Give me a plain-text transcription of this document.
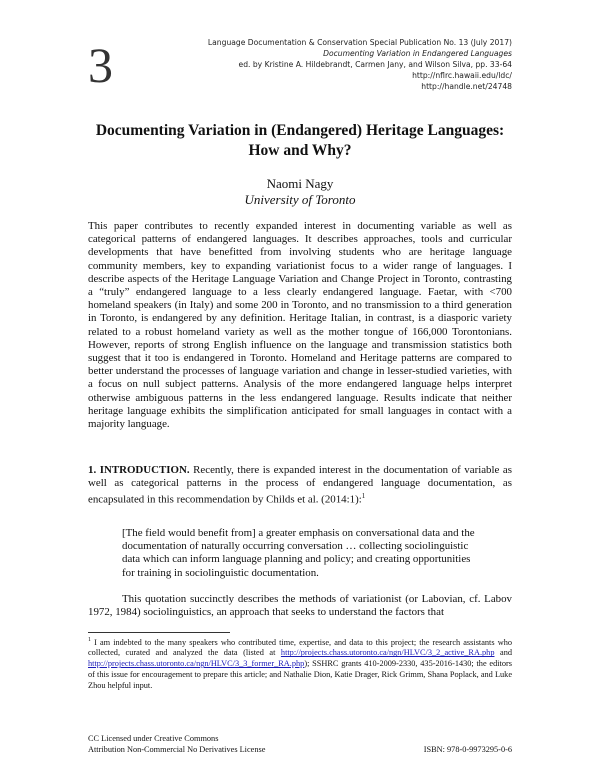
3	Language Documentation & Conservation Special Publication No. 13 (July 2017)
Documenting Variation in Endangered Languages
ed. by Kristine A. Hildebrandt, Carmen Jany, and Wilson Silva, pp. 33-64
http://nflrc.hawaii.edu/ldc/
http://handle.net/24748
Documenting Variation in (Endangered) Heritage Languages:
How and Why?
Naomi Nagy
University of Toronto
This paper contributes to recently expanded interest in documenting variable as well as categorical patterns of endangered languages. It describes approaches, tools and curricular developments that have benefitted from involving students who are heritage language community members, key to expanding variationist focus to a wider range of languages. I describe aspects of the Heritage Language Variation and Change Project in Toronto, contrasting a “truly” endangered language to a less clearly endangered language. Faetar, with <700 homeland speakers (in Italy) and some 200 in Toronto, and no transmission to a third generation in Toronto, is endangered by any definition. Heritage Italian, in contrast, is a diasporic variety related to a robust homeland variety as well as the mother tongue of 166,000 Torontonians. However, reports of strong English influence on the language and transmission statistics both suggest that it too is endangered in Toronto. Homeland and Heritage patterns are compared to better understand the processes of language variation and change in lesser-studied varieties, with a focus on null subject patterns. Analysis of the more endangered language helps interpret otherwise ambiguous patterns in the less endangered language. Results indicate that neither heritage language exhibits the simplification anticipated for small languages in contact with a majority language.
1. INTRODUCTION. Recently, there is expanded interest in the documentation of variable as well as categorical patterns in the process of endangered language documentation, as encapsulated in this recommendation by Childs et al. (2014:1):$^1$
[The field would benefit from] a greater emphasis on conversational data and the documentation of naturally occurring conversation … collecting sociolinguistic data which can inform language planning and policy; and creating opportunities for training in sociolinguistic documentation.
This quotation succinctly describes the methods of variationist (or Labovian, cf. Labov 1972, 1984) sociolinguistics, an approach that seeks to understand the factors that
$^1$ I am indebted to the many speakers who contributed time, expertise, and data to this project; the research assistants who collected, curated and analyzed the data (listed at http://projects.chass.utoronto.ca/ngn/HLVC/3_2_active_RA.php and http://projects.chass.utoronto.ca/ngn/HLVC/3_3_former_RA.php); SSHRC grants 410-2009-2330, 435-2016-1430; the editors of this issue for encouragement to prepare this article; and Nathalie Dion, Katie Drager, Rick Grimm, Shana Poplack, and Luke Zhou helpful input.
CC Licensed under Creative Commons
Attribution Non-Commercial No Derivatives License	ISBN: 978-0-9973295-0-6
